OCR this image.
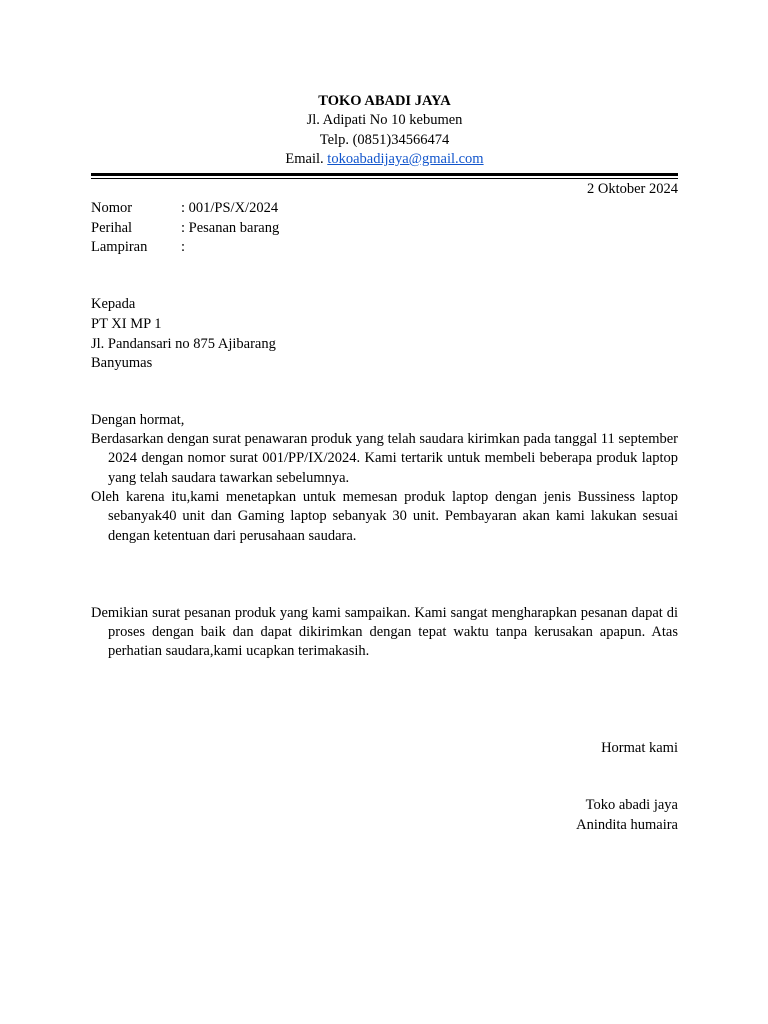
TOKO ABADI JAYA
Jl. Adipati No 10 kebumen
Telp. (0851)34566474
Email. tokoabadijaya@gmail.com
2 Oktober 2024
Nomor	: 001/PS/X/2024
Perihal	: Pesanan barang
Lampiran	:
Kepada
PT XI MP 1
Jl. Pandansari no 875 Ajibarang
Banyumas
Dengan hormat,
Berdasarkan dengan surat penawaran produk yang telah saudara kirimkan pada tanggal 11 september 2024 dengan nomor surat 001/PP/IX/2024. Kami tertarik untuk membeli beberapa produk laptop yang telah saudara tawarkan sebelumnya.
Oleh karena itu,kami menetapkan untuk memesan produk laptop dengan jenis Bussiness laptop sebanyak40 unit dan Gaming laptop sebanyak 30 unit. Pembayaran akan kami lakukan sesuai dengan ketentuan dari perusahaan saudara.
Demikian surat pesanan produk yang kami sampaikan. Kami sangat mengharapkan pesanan dapat di proses dengan baik dan dapat dikirimkan dengan tepat waktu tanpa kerusakan apapun. Atas perhatian saudara,kami ucapkan terimakasih.
Hormat kami
Toko abadi jaya
Anindita humaira
